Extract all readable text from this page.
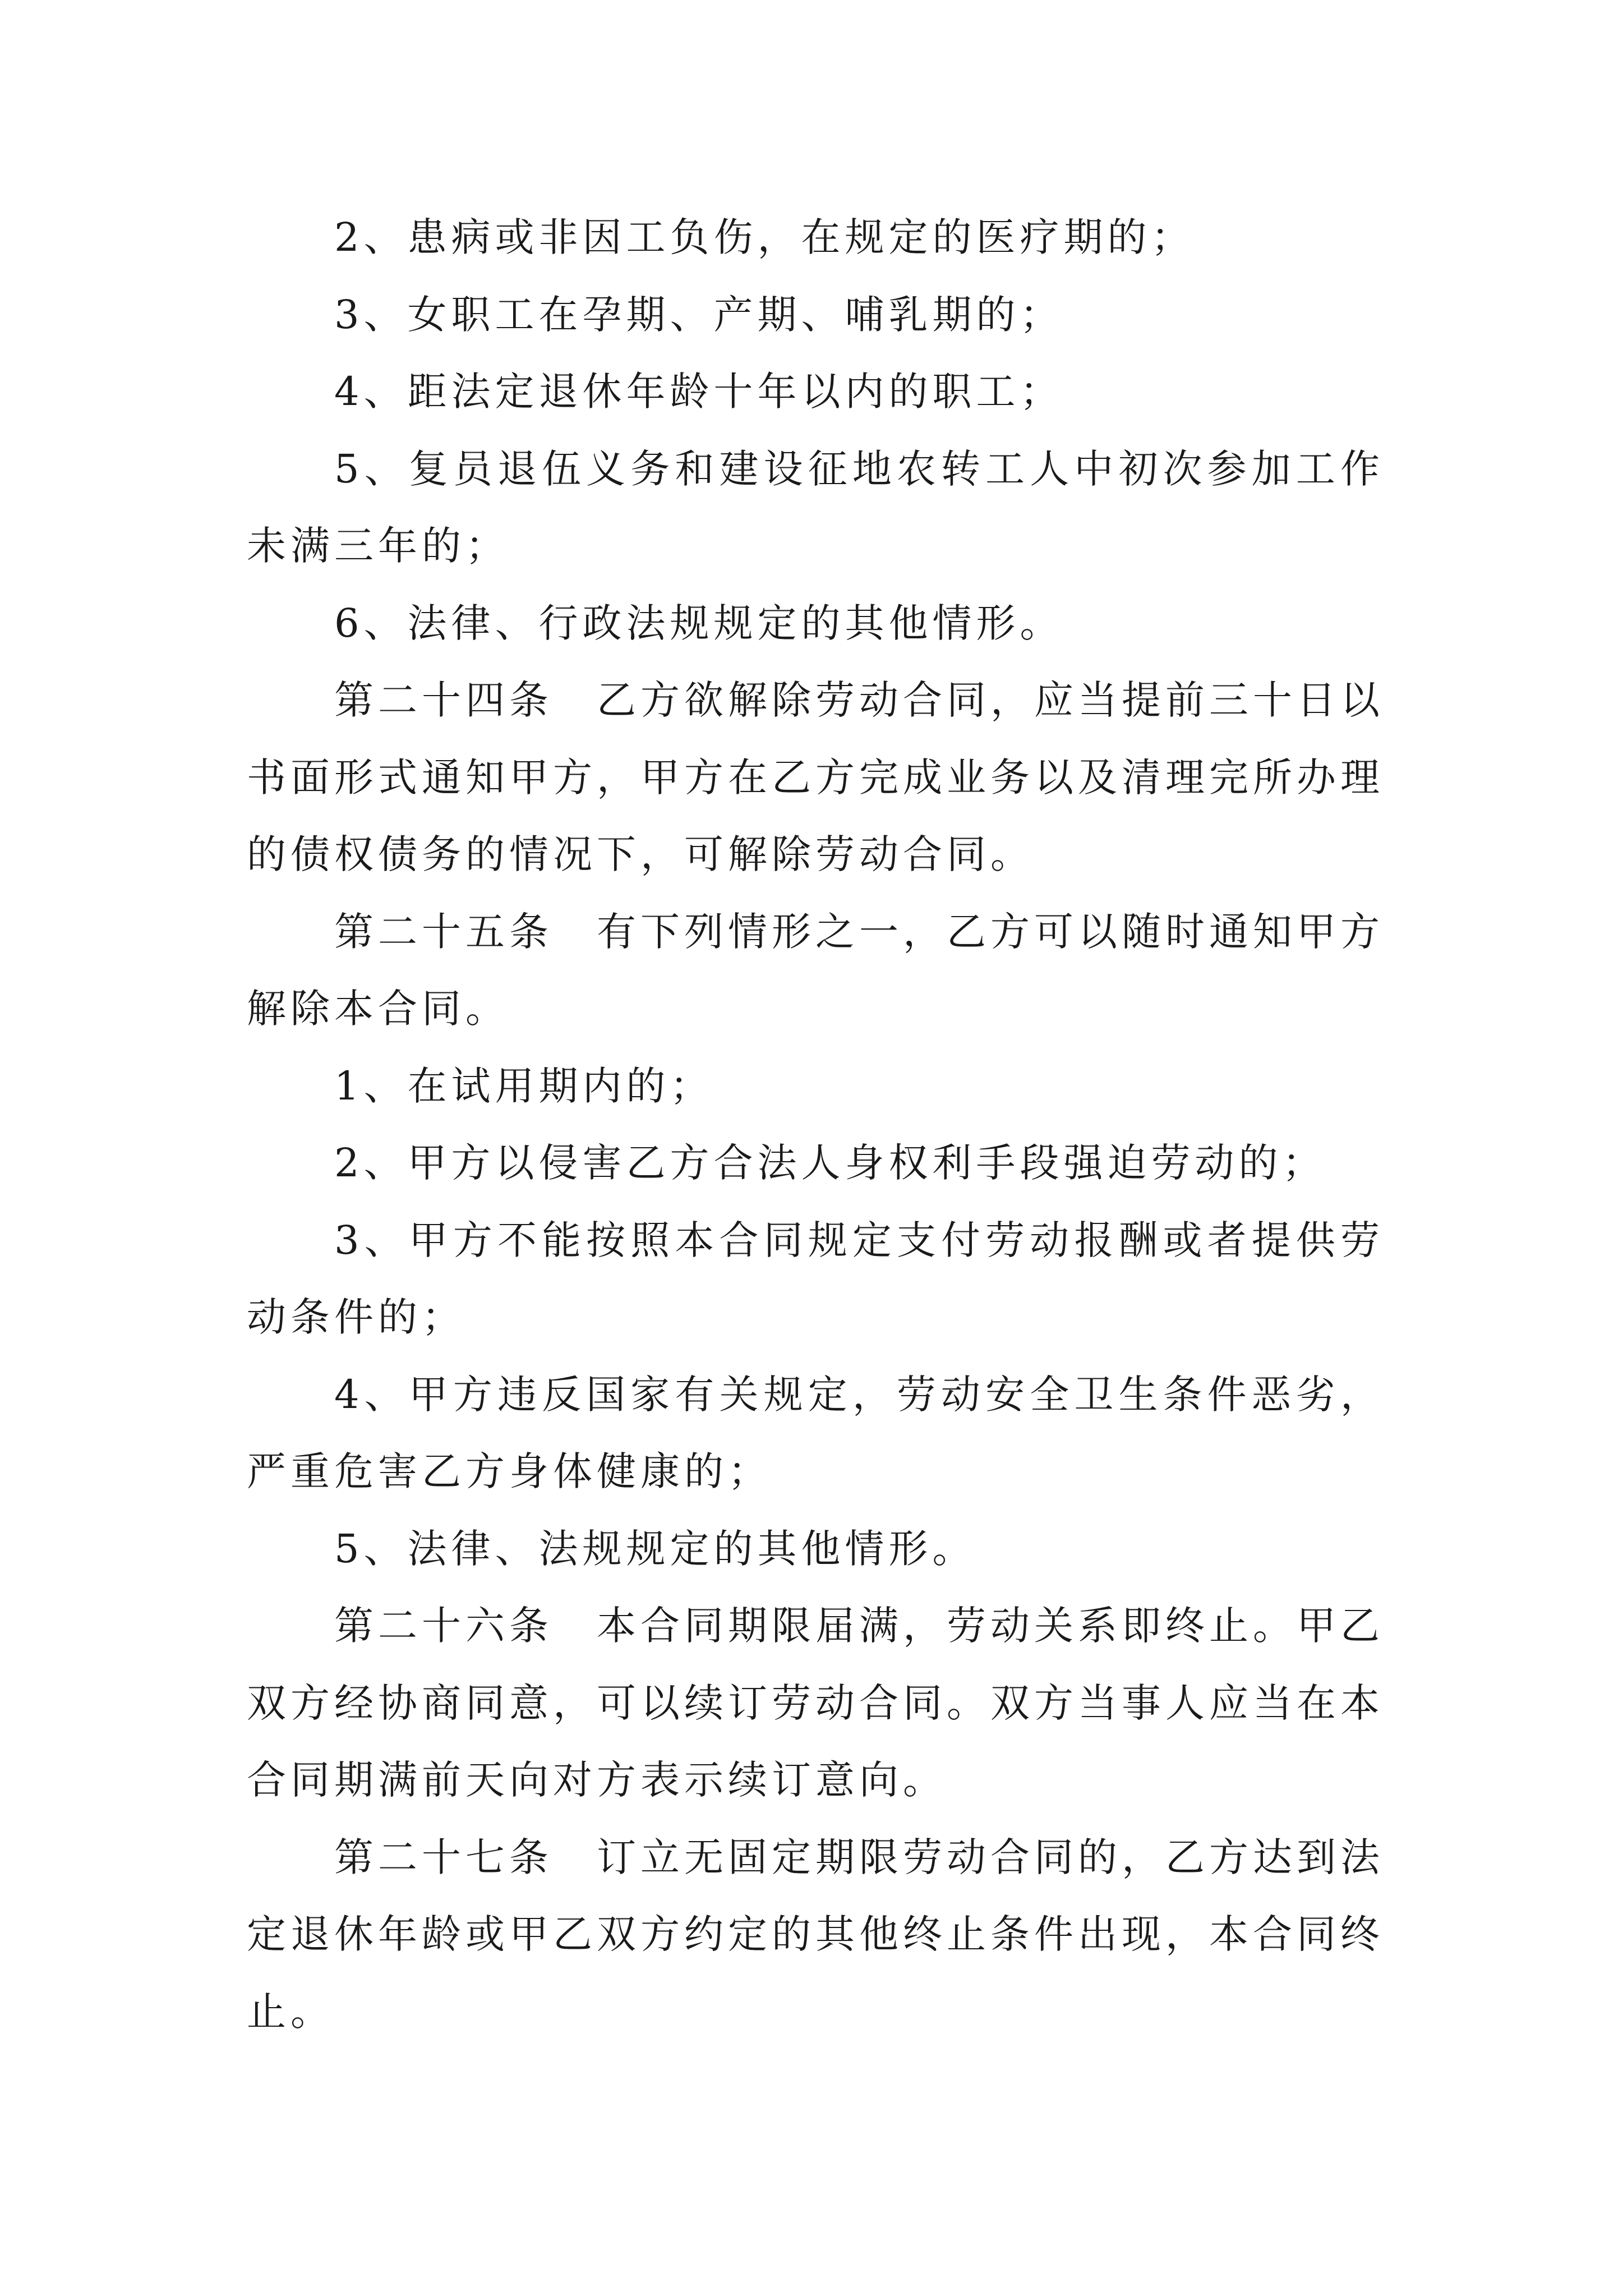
2、患病或非因工负伤，在规定的医疗期的；

3、女职工在孕期、产期、哺乳期的；

4、距法定退休年龄十年以内的职工；

5、复员退伍义务和建设征地农转工人中初次参加工作未满三年的；

6、法律、行政法规规定的其他情形。

第二十四条　乙方欲解除劳动合同，应当提前三十日以书面形式通知甲方，甲方在乙方完成业务以及清理完所办理的债权债务的情况下，可解除劳动合同。

第二十五条　有下列情形之一，乙方可以随时通知甲方解除本合同。

1、在试用期内的；

2、甲方以侵害乙方合法人身权利手段强迫劳动的；

3、甲方不能按照本合同规定支付劳动报酬或者提供劳动条件的；

4、甲方违反国家有关规定，劳动安全卫生条件恶劣，严重危害乙方身体健康的；

5、法律、法规规定的其他情形。

第二十六条　本合同期限届满，劳动关系即终止。甲乙双方经协商同意，可以续订劳动合同。双方当事人应当在本合同期满前天向对方表示续订意向。

第二十七条　订立无固定期限劳动合同的，乙方达到法定退休年龄或甲乙双方约定的其他终止条件出现，本合同终止。
